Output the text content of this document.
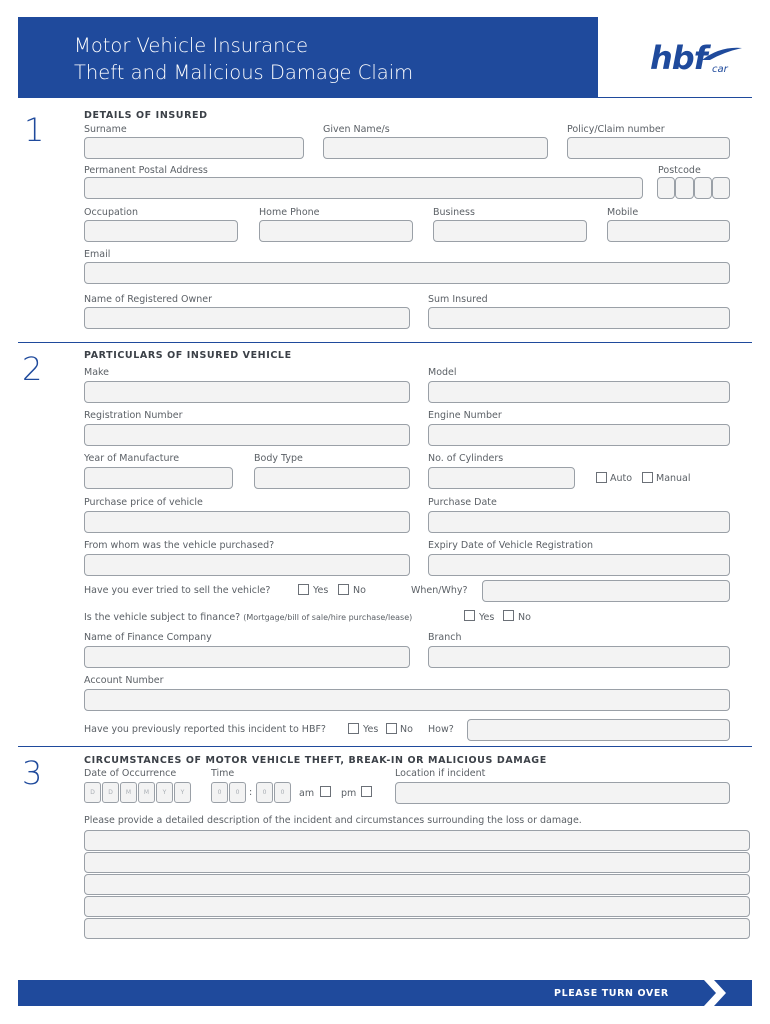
Motor Vehicle Insurance
Theft and Malicious Damage Claim	hbf car
1	DETAILS OF INSURED
Surname	Given Name/s	Policy/Claim number
Permanent Postal Address	Postcode
Occupation	Home Phone	Business	Mobile
Email
Name of Registered Owner	Sum Insured
2	PARTICULARS OF INSURED VEHICLE
Make	Model
Registration Number	Engine Number
Year of Manufacture	Body Type	No. of Cylinders
Auto	Manual
Purchase price of vehicle	Purchase Date
From whom was the vehicle purchased?	Expiry Date of Vehicle Registration
Have you ever tried to sell the vehicle?	Yes	No	When/Why?
Is the vehicle subject to finance? (Mortgage/bill of sale/hire purchase/lease)	Yes No
Name of Finance Company	Branch
Account Number
Have you previously reported this incident to HBF?	Yes No How?
3	CIRCUMSTANCES OF MOTOR VEHICLE THEFT, BREAK-IN OR MALICIOUS DAMAGE
Date of Occurrence	Time	Location if incident
D	D	M	M	Y	Y	0	0	:	0	0	am	pm
Please provide a detailed description of the incident and circumstances surrounding the loss or damage.
PLEASE TURN OVER
